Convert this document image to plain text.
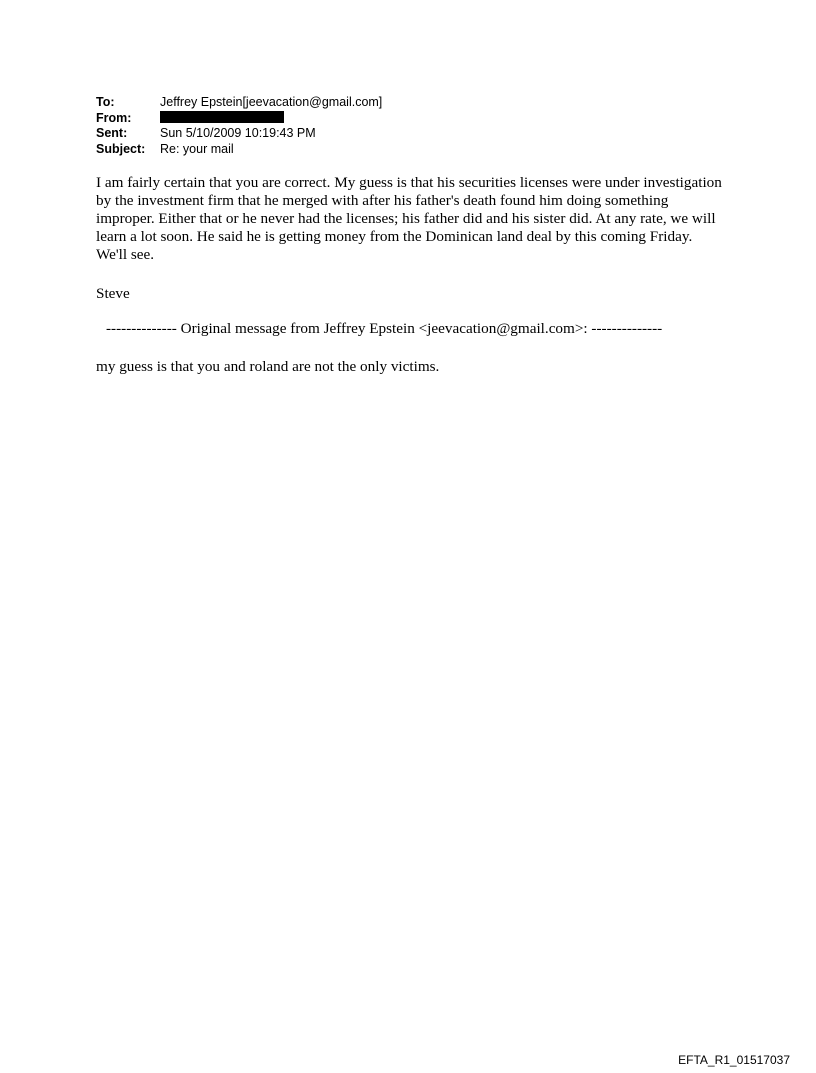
To:	Jeffrey Epstein[jeevacation@gmail.com]
From:
Sent:	Sun 5/10/2009 10:19:43 PM
Subject:	Re: your mail
I am fairly certain that you are correct. My guess is that his securities licenses were under investigation by the investment firm that he merged with after his father's death found him doing something improper. Either that or he never had the licenses; his father did and his sister did. At any rate, we will learn a lot soon. He said he is getting money from the Dominican land deal by this coming Friday. We'll see.
Steve
-------------- Original message from Jeffrey Epstein <jeevacation@gmail.com>: --------------
my guess is that you and roland are not the only victims.
EFTA_R1_01517037
